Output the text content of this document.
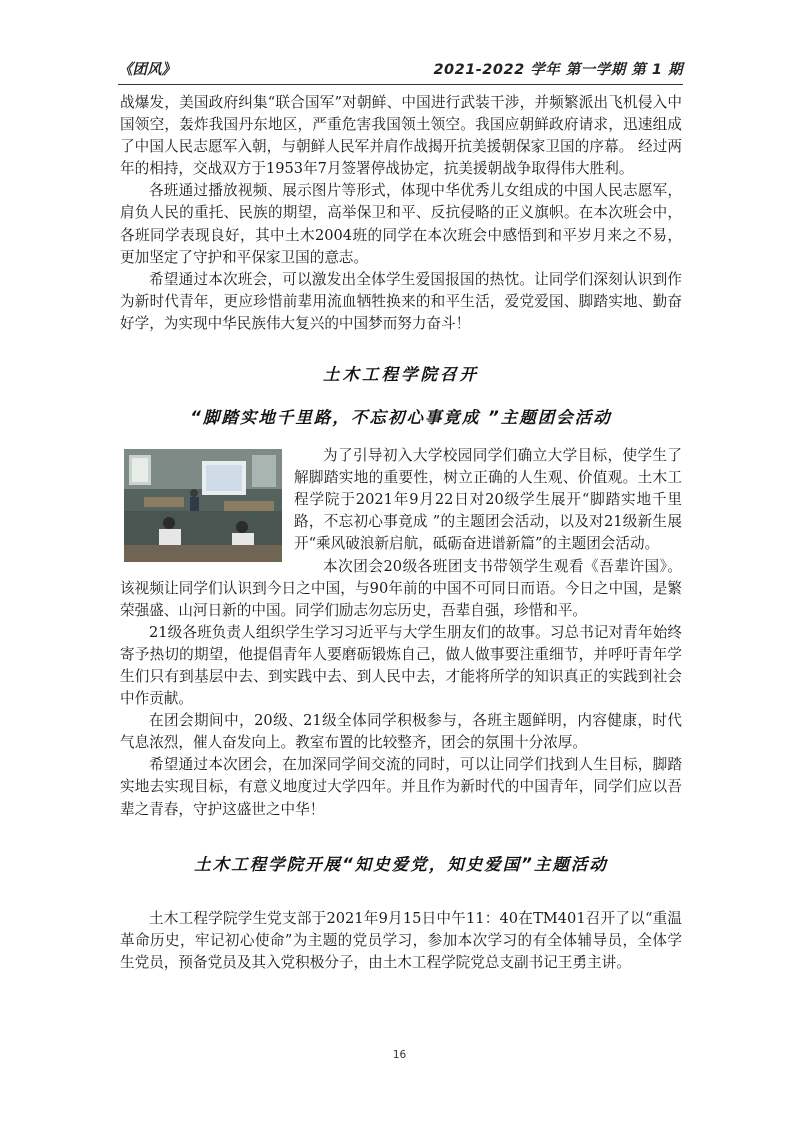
《团风》	2021-2022 学年 第一学期 第 1 期

战爆发，美国政府纠集“联合国军”对朝鲜、中国进行武装干涉，并频繁派出飞机侵入中国领空，轰炸我国丹东地区，严重危害我国领土领空。我国应朝鲜政府请求，迅速组成了中国人民志愿军入朝，与朝鲜人民军并肩作战揭开抗美援朝保家卫国的序幕。 经过两年的相持，交战双方于1953年7月签署停战协定，抗美援朝战争取得伟大胜利。

各班通过播放视频、展示图片等形式，体现中华优秀儿女组成的中国人民志愿军，肩负人民的重托、民族的期望，高举保卫和平、反抗侵略的正义旗帜。在本次班会中，各班同学表现良好，其中土木2004班的同学在本次班会中感悟到和平岁月来之不易，更加坚定了守护和平保家卫国的意志。

希望通过本次班会，可以激发出全体学生爱国报国的热忱。让同学们深刻认识到作为新时代青年，更应珍惜前辈用流血牺牲换来的和平生活，爱党爱国、脚踏实地、勤奋好学，为实现中华民族伟大复兴的中国梦而努力奋斗！

土木工程学院召开
“脚踏实地千里路，不忘初心事竟成 ”主题团会活动

为了引导初入大学校园同学们确立大学目标，使学生了解脚踏实地的重要性，树立正确的人生观、价值观。土木工程学院于2021年9月22日对20级学生展开“脚踏实地千里路，不忘初心事竟成 ”的主题团会活动，以及对21级新生展开“乘风破浪新启航，砥砺奋进谱新篇”的主题团会活动。

本次团会20级各班团支书带领学生观看《吾辈许国》。该视频让同学们认识到今日之中国，与90年前的中国不可同日而语。今日之中国，是繁荣强盛、山河日新的中国。同学们励志勿忘历史，吾辈自强，珍惜和平。

21级各班负责人组织学生学习习近平与大学生朋友们的故事。习总书记对青年始终寄予热切的期望，他提倡青年人要磨砺锻炼自己，做人做事要注重细节，并呼吁青年学生们只有到基层中去、到实践中去、到人民中去，才能将所学的知识真正的实践到社会中作贡献。

在团会期间中，20级、21级全体同学积极参与，各班主题鲜明，内容健康，时代气息浓烈，催人奋发向上。教室布置的比较整齐，团会的氛围十分浓厚。

希望通过本次团会，在加深同学间交流的同时，可以让同学们找到人生目标，脚踏实地去实现目标，有意义地度过大学四年。并且作为新时代的中国青年，同学们应以吾辈之青春，守护这盛世之中华！

土木工程学院开展“知史爱党，知史爱国”主题活动

土木工程学院学生党支部于2021年9月15日中午11：40在TM401召开了以“重温革命历史，牢记初心使命”为主题的党员学习，参加本次学习的有全体辅导员，全体学生党员，预备党员及其入党积极分子，由土木工程学院党总支副书记王勇主讲。

16
